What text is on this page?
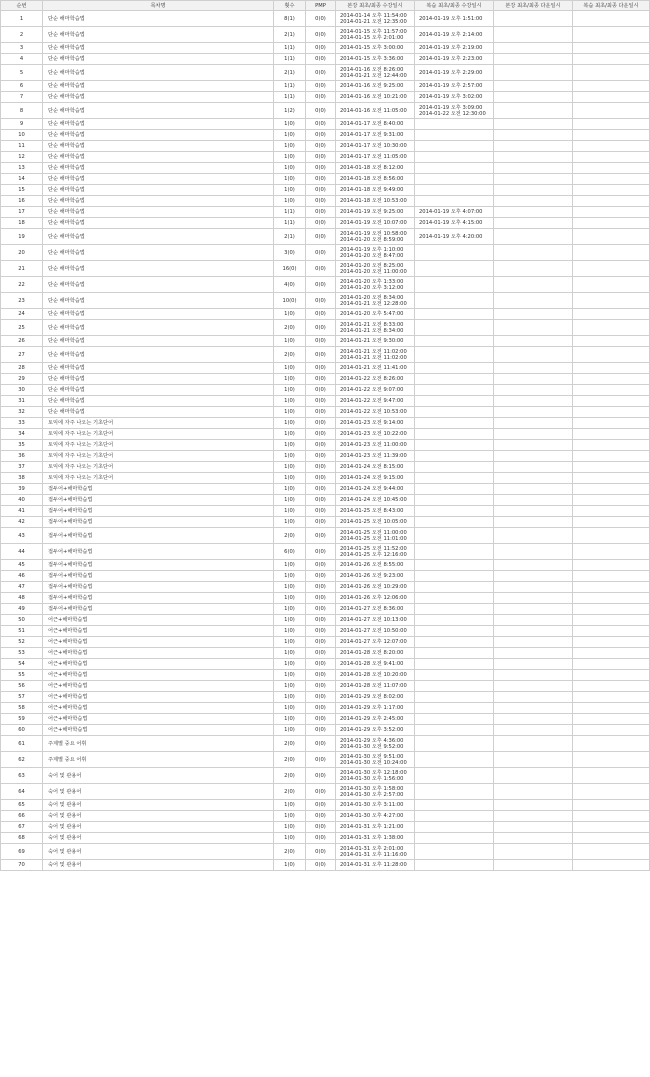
순번	목차명	횟수	PMP	본강 최초/최종 수강일시	복습 최초/최종 수강일시	본강 최초/최종 다운일시	복습 최초/최종 다운일시
1	단순 해마학습법	8(1)	0(0)	2014-01-14 오후 11:54:00
2014-01-21 오전 12:35:00	2014-01-19 오후 1:51:00		

2	단순 해마학습법	2(1)	0(0)	2014-01-15 오후 11:57:00
2014-01-15 오후 2:01:00	2014-01-19 오후 2:14:00		

3	단순 해마학습법	1(1)	0(0)	2014-01-15 오후 3:00:00	2014-01-19 오후 2:19:00		

4	단순 해마학습법	1(1)	0(0)	2014-01-15 오후 3:36:00	2014-01-19 오후 2:23:00		

5	단순 해마학습법	2(1)	0(0)	2014-01-16 오전 8:26:00
2014-01-21 오전 12:44:00	2014-01-19 오후 2:29:00		

6	단순 해마학습법	1(1)	0(0)	2014-01-16 오전 9:25:00	2014-01-19 오후 2:57:00		

7	단순 해마학습법	1(1)	0(0)	2014-01-16 오전 10:21:00	2014-01-19 오후 3:02:00		

8	단순 해마학습법	1(2)	0(0)	2014-01-16 오전 11:05:00	2014-01-19 오후 3:09:00
2014-01-22 오전 12:30:00		

9	단순 해마학습법	1(0)	0(0)	2014-01-17 오전 8:40:00			

10	단순 해마학습법	1(0)	0(0)	2014-01-17 오전 9:31:00			

11	단순 해마학습법	1(0)	0(0)	2014-01-17 오전 10:30:00			

12	단순 해마학습법	1(0)	0(0)	2014-01-17 오전 11:05:00			

13	단순 해마학습법	1(0)	0(0)	2014-01-18 오전 8:12:00			

14	단순 해마학습법	1(0)	0(0)	2014-01-18 오전 8:56:00			

15	단순 해마학습법	1(0)	0(0)	2014-01-18 오전 9:49:00			

16	단순 해마학습법	1(0)	0(0)	2014-01-18 오전 10:53:00			

17	단순 해마학습법	1(1)	0(0)	2014-01-19 오전 9:25:00	2014-01-19 오후 4:07:00		

18	단순 해마학습법	1(1)	0(0)	2014-01-19 오전 10:07:00	2014-01-19 오후 4:15:00		

19	단순 해마학습법	2(1)	0(0)	2014-01-19 오전 10:58:00
2014-01-20 오전 8:59:00	2014-01-19 오후 4:20:00		

20	단순 해마학습법	3(0)	0(0)	2014-01-19 오후 1:10:00
2014-01-20 오전 8:47:00			

21	단순 해마학습법	16(0)	0(0)	2014-01-20 오전 8:25:00
2014-01-20 오전 11:00:00			

22	단순 해마학습법	4(0)	0(0)	2014-01-20 오후 1:33:00
2014-01-20 오후 3:12:00			

23	단순 해마학습법	10(0)	0(0)	2014-01-20 오전 8:34:00
2014-01-21 오전 12:28:00			

24	단순 해마학습법	1(0)	0(0)	2014-01-20 오후 5:47:00			

25	단순 해마학습법	2(0)	0(0)	2014-01-21 오전 8:33:00
2014-01-21 오전 8:34:00			

26	단순 해마학습법	1(0)	0(0)	2014-01-21 오전 9:30:00			

27	단순 해마학습법	2(0)	0(0)	2014-01-21 오전 11:02:00
2014-01-21 오전 11:02:00			

28	단순 해마학습법	1(0)	0(0)	2014-01-21 오전 11:41:00			

29	단순 해마학습법	1(0)	0(0)	2014-01-22 오전 8:26:00			

30	단순 해마학습법	1(0)	0(0)	2014-01-22 오전 9:07:00			

31	단순 해마학습법	1(0)	0(0)	2014-01-22 오전 9:47:00			

32	단순 해마학습법	1(0)	0(0)	2014-01-22 오전 10:53:00			

33	토익에 자주 나오는 기초단어	1(0)	0(0)	2014-01-23 오전 9:14:00			

34	토익에 자주 나오는 기초단어	1(0)	0(0)	2014-01-23 오전 10:22:00			

35	토익에 자주 나오는 기초단어	1(0)	0(0)	2014-01-23 오전 11:00:00			

36	토익에 자주 나오는 기초단어	1(0)	0(0)	2014-01-23 오전 11:39:00			

37	토익에 자주 나오는 기초단어	1(0)	0(0)	2014-01-24 오전 8:15:00			

38	토익에 자주 나오는 기초단어	1(0)	0(0)	2014-01-24 오전 9:15:00			

39	접두어+해마학습법	1(0)	0(0)	2014-01-24 오전 9:44:00			

40	접두어+해마학습법	1(0)	0(0)	2014-01-24 오전 10:45:00			

41	접두어+해마학습법	1(0)	0(0)	2014-01-25 오전 8:43:00			

42	접두어+해마학습법	1(0)	0(0)	2014-01-25 오전 10:05:00			

43	접두어+해마학습법	2(0)	0(0)	2014-01-25 오전 11:00:00
2014-01-25 오전 11:01:00			

44	접두어+해마학습법	6(0)	0(0)	2014-01-25 오전 11:52:00
2014-01-25 오후 12:16:00			

45	접두어+해마학습법	1(0)	0(0)	2014-01-26 오전 8:55:00			

46	접두어+해마학습법	1(0)	0(0)	2014-01-26 오전 9:23:00			

47	접두어+해마학습법	1(0)	0(0)	2014-01-26 오전 10:29:00			

48	접두어+해마학습법	1(0)	0(0)	2014-01-26 오후 12:06:00			

49	접두어+해마학습법	1(0)	0(0)	2014-01-27 오전 8:36:00			

50	어근+해마학습법	1(0)	0(0)	2014-01-27 오전 10:13:00			

51	어근+해마학습법	1(0)	0(0)	2014-01-27 오전 10:50:00			

52	어근+해마학습법	1(0)	0(0)	2014-01-27 오후 12:07:00			

53	어근+해마학습법	1(0)	0(0)	2014-01-28 오전 8:20:00			

54	어근+해마학습법	1(0)	0(0)	2014-01-28 오전 9:41:00			

55	어근+해마학습법	1(0)	0(0)	2014-01-28 오전 10:20:00			

56	어근+해마학습법	1(0)	0(0)	2014-01-28 오전 11:07:00			

57	어근+해마학습법	1(0)	0(0)	2014-01-29 오전 8:02:00			

58	어근+해마학습법	1(0)	0(0)	2014-01-29 오후 1:17:00			

59	어근+해마학습법	1(0)	0(0)	2014-01-29 오후 2:45:00			

60	어근+해마학습법	1(0)	0(0)	2014-01-29 오후 3:52:00			

61	주제별 중요 어휘	2(0)	0(0)	2014-01-29 오후 4:36:00
2014-01-30 오전 9:52:00			

62	주제별 중요 어휘	2(0)	0(0)	2014-01-30 오전 9:51:00
2014-01-30 오전 10:24:00			

63	숙어 및 관용어	2(0)	0(0)	2014-01-30 오후 12:18:00
2014-01-30 오후 1:56:00			

64	숙어 및 관용어	2(0)	0(0)	2014-01-30 오후 1:58:00
2014-01-30 오후 2:57:00			

65	숙어 및 관용어	1(0)	0(0)	2014-01-30 오후 3:11:00			

66	숙어 및 관용어	1(0)	0(0)	2014-01-30 오후 4:27:00			

67	숙어 및 관용어	1(0)	0(0)	2014-01-31 오후 1:21:00			

68	숙어 및 관용어	1(0)	0(0)	2014-01-31 오후 1:38:00			

69	숙어 및 관용어	2(0)	0(0)	2014-01-31 오후 2:01:00
2014-01-31 오후 11:16:00			

70	숙어 및 관용어	1(0)	0(0)	2014-01-31 오후 11:28:00			
